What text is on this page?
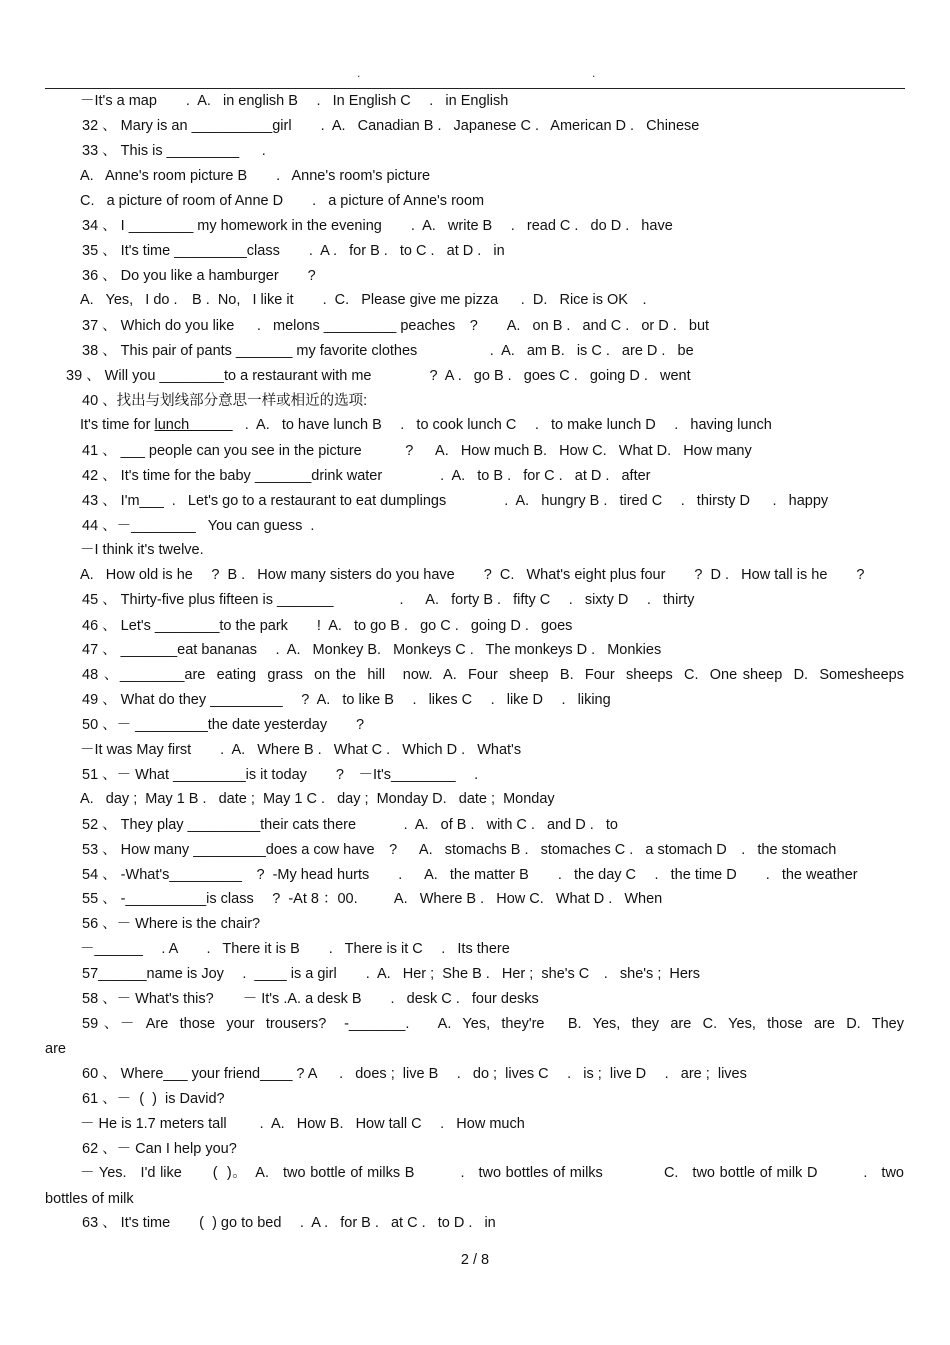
.	.
－It's a map　　.  A.   in english B　 .   In English C　 .   in English
32 、 Mary is an __________girl　　.  A.   Canadian B .   Japanese C .   American D .   Chinese
33 、 This is _________　  .
A.   Anne's room picture B　　.   Anne's room's picture
C.   a picture of room of Anne D　　.   a picture of Anne's room
34 、 I ________ my homework in the evening　　.  A.   write B　 .   read C .   do D .   have
35 、 It's time _________class　　.  A .   for B .   to C .   at D .   in
36 、 Do you like a hamburger　　?
A.   Yes,   I do .　B .  No,   I like it　　.  C.   Please give me pizza　  .  D.   Rice is OK　.
37 、 Which do you like　  .   melons _________ peaches　?　　A.   on B .   and C .   or D .   but
38 、 This pair of pants _______ my favorite clothes　　　　　.  A.   am B.   is C .   are D .   be
39 、 Will you ________to a restaurant with me　　　　?  A .   go B .   goes C .   going D .   went
40 、找出与划线部分意思一样或相近的选项:
It's time for lunch　　　   .  A.   to have lunch B　 .   to cook lunch C　 .   to make lunch D　 .   having lunch
41 、 ___ people can you see in the picture　　　?　  A.   How much B.   How C.   What D.   How many
42 、 It's time for the baby _______drink water　　　　.  A.   to B .   for C .   at D .   after
43 、 I'm___  .   Let's go to a restaurant to eat dumplings　　　　.  A.   hungry B .   tired C　 .   thirsty D　  .   happy
44 、－________   You can guess  .
－I think it's twelve.
A.   How old is he　 ?  B .   How many sisters do you have　　?  C.   What's eight plus four　　?  D .   How tall is he　　?
45 、 Thirty-five plus fifteen is _______　　　　  .　  A.   forty B .   fifty C　 .   sixty D　 .   thirty
46 、 Let's ________to the park　　!  A.   to go B .   go C .   going D .   goes
47 、 _______eat bananas　 .  A.   Monkey B.   Monkeys C .   The monkeys D .   Monkies
48 、________are  eating  grass  on the  hill　now.  A.  Four  sheep  B.  Four  sheeps  C.  One sheep  D.  Somesheeps
49 、 What do they _________　 ?  A.   to like B　 .   likes C　 .   like D　 .   liking
50 、－ _________the date yesterday　　?
－It was May first　　.  A.   Where B .   What C .   Which D .   What's
51 、－ What _________is it today　　?　－It's________　 .
A.   day ;  May 1 B .   date ;  May 1 C .   day ;  Monday D.   date ;  Monday
52 、 They play _________their cats there　　　 .  A.   of B .   with C .   and D .   to
53 、 How many _________does a cow have　?　  A.   stomachs B .   stomaches C .   a stomach D　.   the stomach
54 、 -What's_________　?  -My head hurts　　.　  A.   the matter B　　.   the day C　 .   the time D　　.   the weather
55 、 -__________is class　 ?  -At 8 ：00.　　  A.   Where B .   How C.   What D .   When
56 、－ Where is the chair?
－______　 . A　　.   There it is B　　.   There is it C　 .   Its there
57______name is Joy　 .  ____ is a girl　　.  A.   Her ;  She B .   Her ;  she's C　.   she's ;  Hers
58 、－ What's this?　　－ It's .A. a desk B　　.   desk C .   four desks
59 、－  Are  those  your  trousers?　-_______.　  A.  Yes,  they're　 B.  Yes,  they  are  C.  Yes,  those  are  D.  They
are
60 、 Where___ your friend____ ? A　  .   does ;  live B　 .   do ;  lives C　 .   is ;  live D　 .   are ;  lives
61 、－  (  )  is David?
－ He is 1.7 meters tall　　 .  A.   How B.   How tall C　 .   How much
62 、－ Can I help you?
－ Yes.   I'd like　　(  )。　A.   two bottle of milks B　　　.   two bottles of milks　　　　C.   two bottle of milk D　　　.   two
bottles of milk
63 、 It's time　　(  ) go to bed　 .  A .   for B .   at C .   to D .   in
2 / 8
